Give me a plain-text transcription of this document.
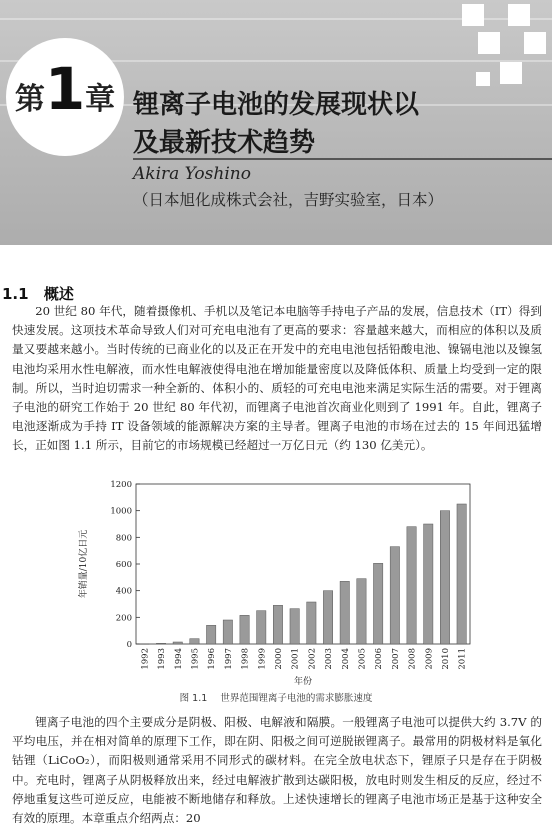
第 1 章 锂离子电池的发展现状以
及最新技术趋势
Akira Yoshino
（日本旭化成株式会社，吉野实验室，日本）
1.1 概述

20 世纪 80 年代，随着摄像机、手机以及笔记本电脑等手持电子产品的发展，信息技术（IT）得到快速发展。这项技术革命导致人们对可充电电池有了更高的要求：容量越来越大，而相应的体积以及质量又要越来越小。当时传统的已商业化的以及正在开发中的充电电池包括铅酸电池、镍镉电池以及镍氢电池均采用水性电解液，而水性电解液使得电池在增加能量密度以及降低体积、质量上均受到一定的限制。所以，当时迫切需求一种全新的、体积小的、质轻的可充电电池来满足实际生活的需要。对于锂离子电池的研究工作始于 20 世纪 80 年代初，而锂离子电池首次商业化则到了 1991 年。自此，锂离子电池逐渐成为手持 IT 设备领域的能源解决方案的主导者。锂离子电池的市场在过去的 15 年间迅猛增长，正如图 1.1 所示，目前它的市场规模已经超过一万亿日元（约 130 亿美元）。

0
200
400
600
800
1000
1200
1992 1993 1994 1995 1996 1997 1998 1999 2000 2001 2002 2003 2004 2005 2006 2007 2008 2009 2010 2011
年销量/10亿日元
年份
图 1.1 世界范围锂离子电池的需求膨胀速度

锂离子电池的四个主要成分是阴极、阳极、电解液和隔膜。一般锂离子电池可以提供大约 3.7V 的平均电压，并在相对简单的原理下工作，即在阴、阳极之间可逆脱嵌锂离子。最常用的阴极材料是氧化钴锂（LiCoO₂），而阳极则通常采用不同形式的碳材料。在完全放电状态下，锂原子只是存在于阴极中。充电时，锂离子从阴极释放出来，经过电解液扩散到达碳阳极，放电时则发生相反的反应，经过不停地重复这些可逆反应，电能被不断地储存和释放。上述快速增长的锂离子电池市场正是基于这种安全有效的原理。本章重点介绍两点：20
